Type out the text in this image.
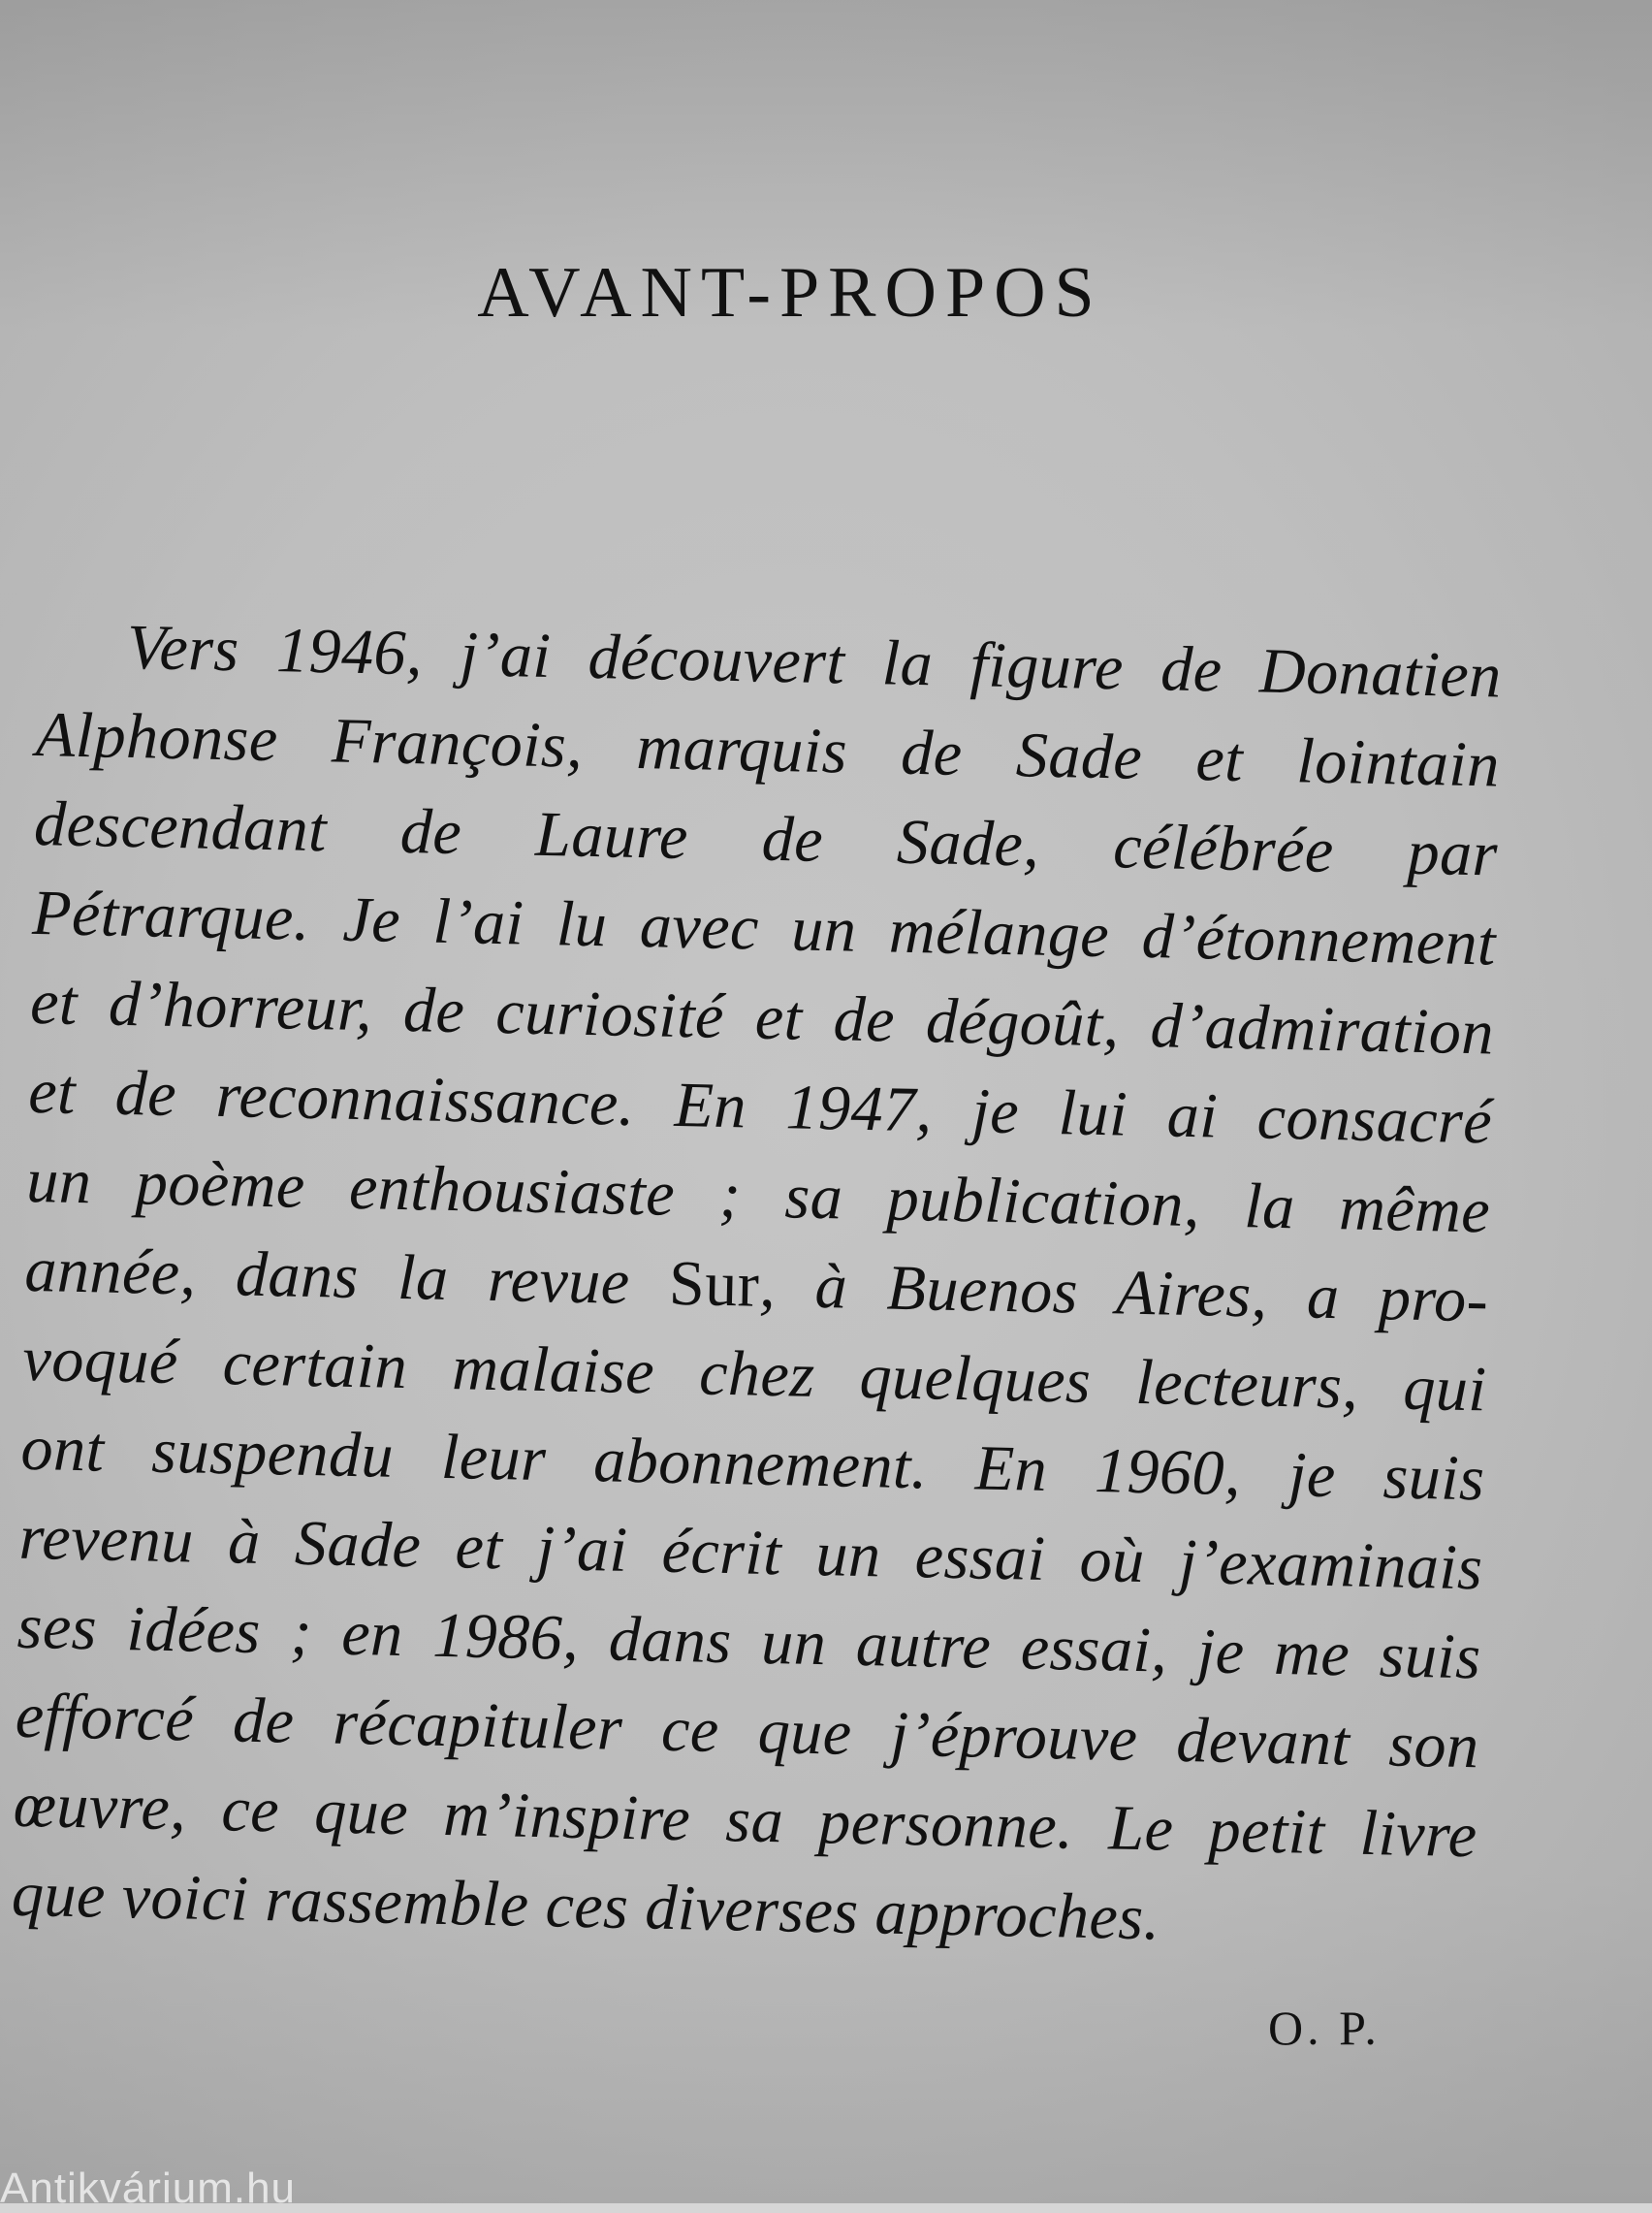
AVANT-PROPOS
Vers 1946, j’ai découvert la figure de Donatien
Alphonse François, marquis de Sade et lointain
descendant de Laure de Sade, célébrée par
Pétrarque. Je l’ai lu avec un mélange d’étonnement
et d’horreur, de curiosité et de dégoût, d’admiration
et de reconnaissance. En 1947, je lui ai consacré
un poème enthousiaste ; sa publication, la même
année, dans la revue Sur, à Buenos Aires, a pro-
voqué certain malaise chez quelques lecteurs, qui
ont suspendu leur abonnement. En 1960, je suis
revenu à Sade et j’ai écrit un essai où j’examinais
ses idées ; en 1986, dans un autre essai, je me suis
efforcé de récapituler ce que j’éprouve devant son
œuvre, ce que m’inspire sa personne. Le petit livre
que voici rassemble ces diverses approches.
O. P.
Antikvárium.hu
